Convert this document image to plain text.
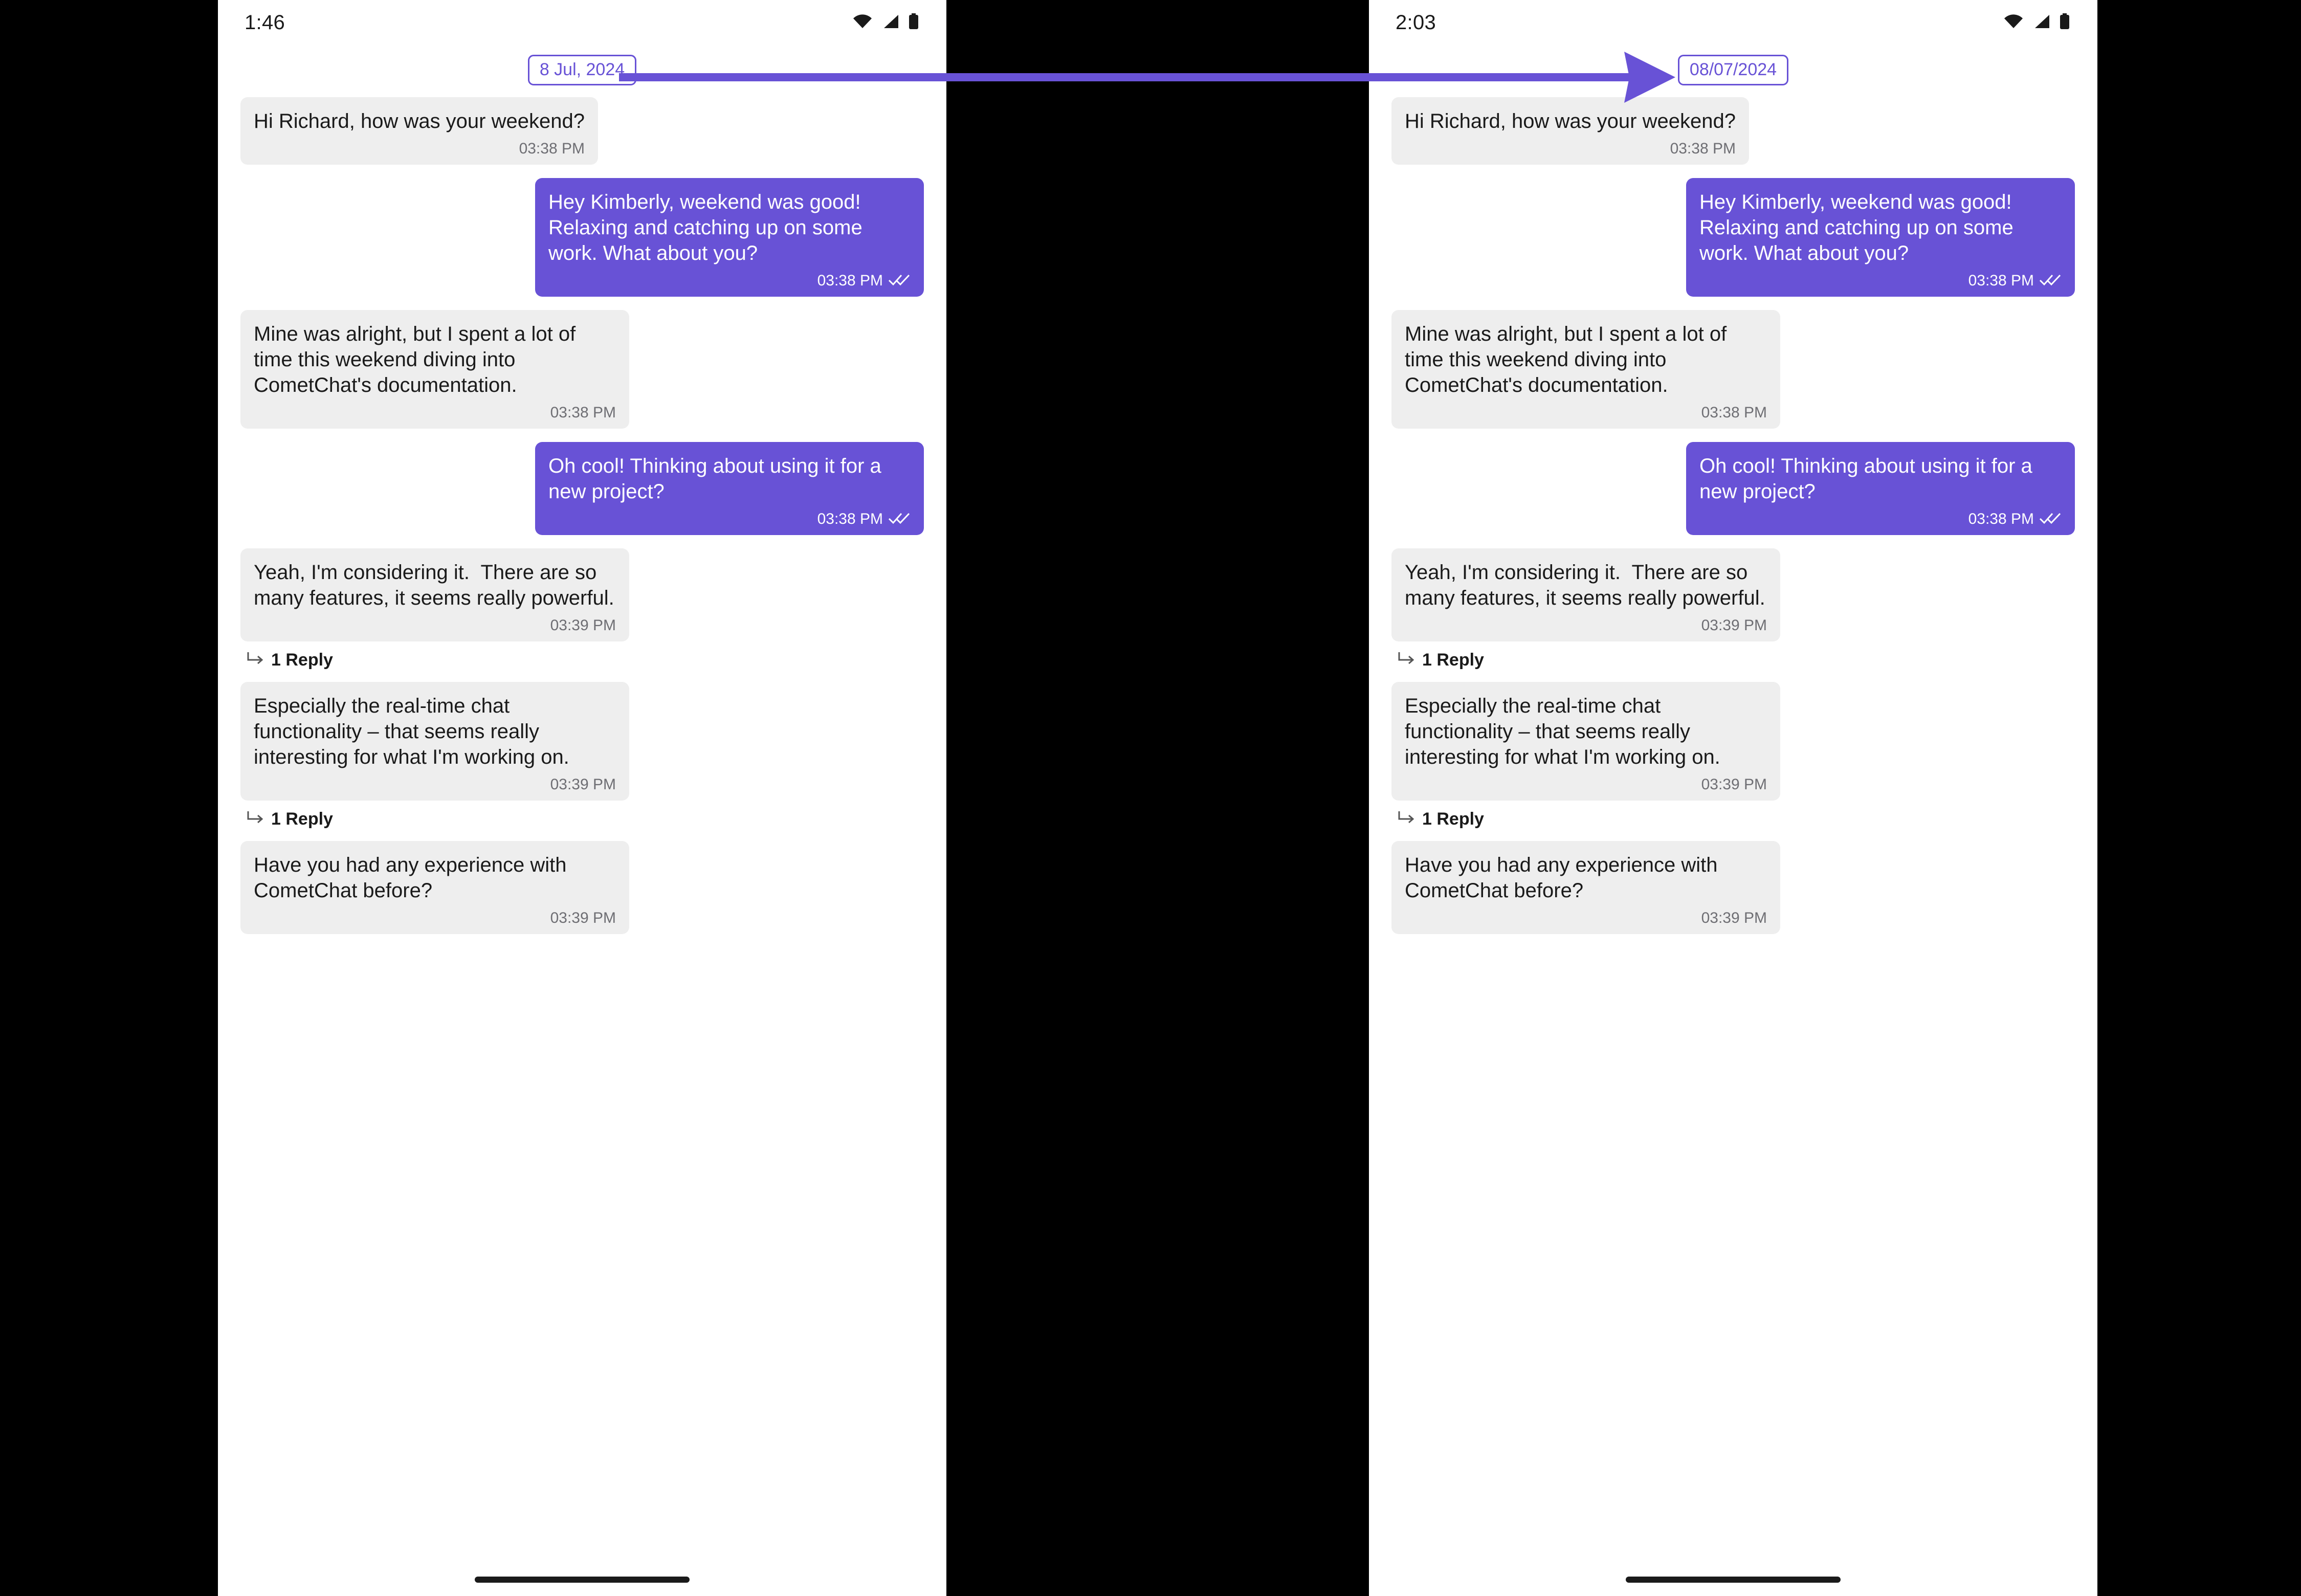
1:46
8 Jul, 2024
Hi Richard, how was your weekend?
03:38 PM
Hey Kimberly, weekend was good! Relaxing and catching up on some work. What about you?
03:38 PM
Mine was alright, but I spent a lot of time this weekend diving into CometChat's documentation.
03:38 PM
Oh cool! Thinking about using it for a new project?
03:38 PM
Yeah, I'm considering it.  There are so many features, it seems really powerful.
03:39 PM
1 Reply
Especially the real-time chat functionality – that seems really interesting for what I'm working on.
03:39 PM
1 Reply
Have you had any experience with CometChat before?
03:39 PM
2:03
08/07/2024
Hi Richard, how was your weekend?
03:38 PM
Hey Kimberly, weekend was good! Relaxing and catching up on some work. What about you?
03:38 PM
Mine was alright, but I spent a lot of time this weekend diving into CometChat's documentation.
03:38 PM
Oh cool! Thinking about using it for a new project?
03:38 PM
Yeah, I'm considering it.  There are so many features, it seems really powerful.
03:39 PM
1 Reply
Especially the real-time chat functionality – that seems really interesting for what I'm working on.
03:39 PM
1 Reply
Have you had any experience with CometChat before?
03:39 PM
